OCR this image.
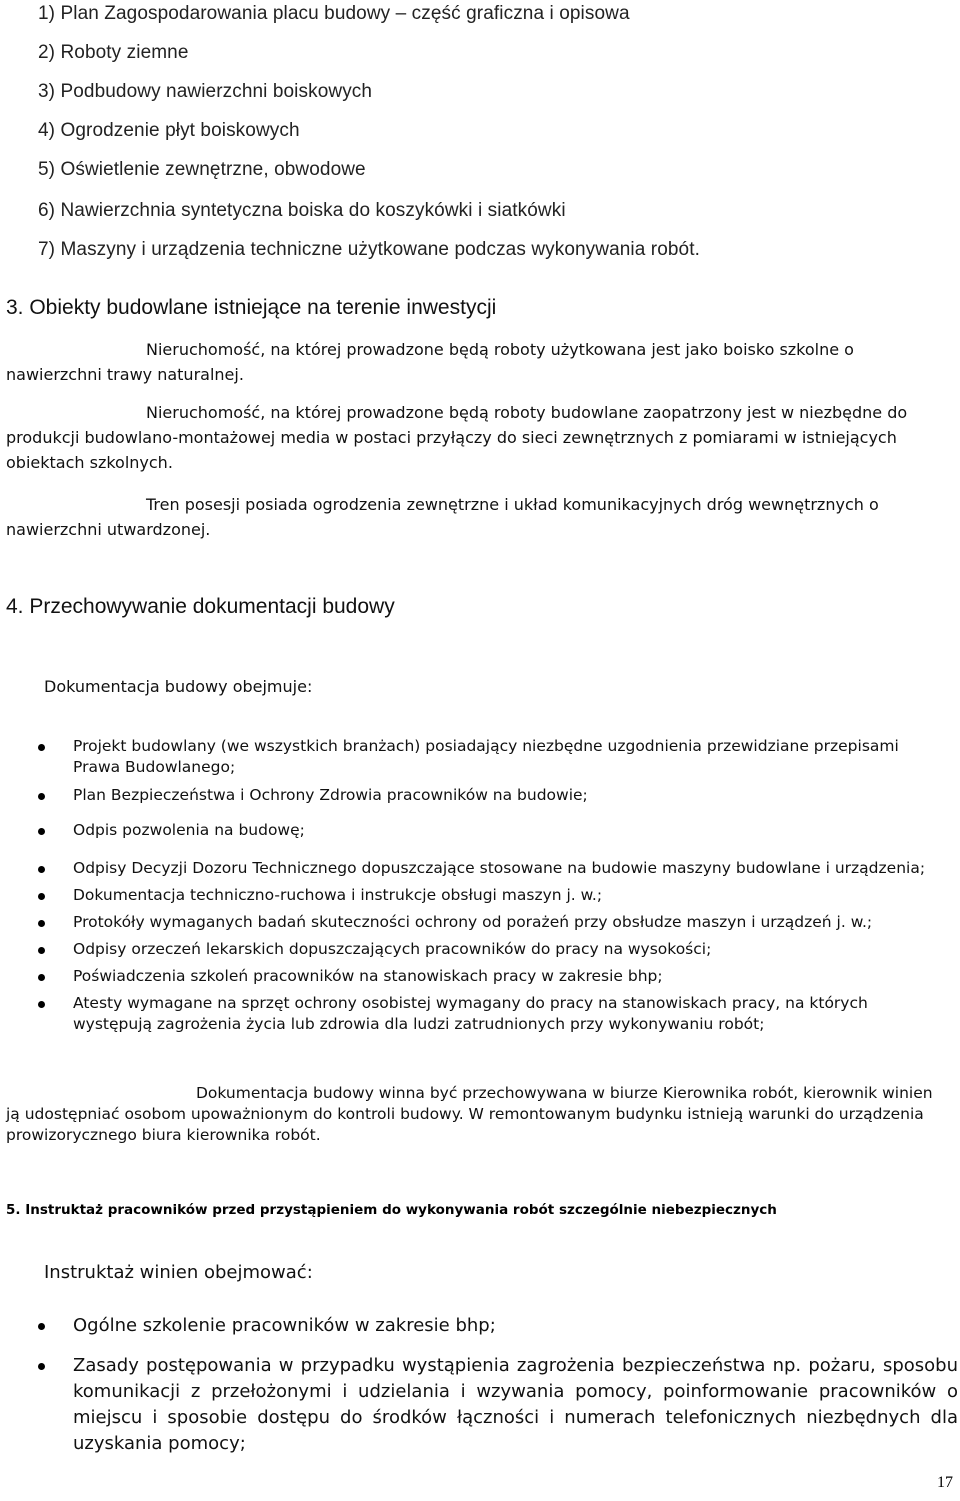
1) Plan Zagospodarowania placu budowy – część graficzna i opisowa
2) Roboty ziemne
3) Podbudowy nawierzchni boiskowych
4) Ogrodzenie płyt boiskowych
5) Oświetlenie zewnętrzne, obwodowe
6) Nawierzchnia syntetyczna boiska do koszykówki i siatkówki
7) Maszyny i urządzenia techniczne użytkowane podczas wykonywania robót.
3. Obiekty budowlane istniejące na terenie inwestycji
Nieruchomość, na której prowadzone będą roboty użytkowana jest jako boisko szkolne o nawierzchni trawy naturalnej.
Nieruchomość, na której prowadzone będą roboty budowlane zaopatrzony jest w niezbędne do produkcji budowlano-montażowej media w postaci przyłączy do sieci zewnętrznych z pomiarami w istniejących obiektach szkolnych.
Tren posesji posiada ogrodzenia zewnętrzne i układ komunikacyjnych dróg wewnętrznych o nawierzchni utwardzonej.
4. Przechowywanie dokumentacji budowy
Dokumentacja budowy obejmuje:
Projekt budowlany (we wszystkich branżach) posiadający niezbędne uzgodnienia przewidziane przepisami Prawa Budowlanego;
Plan Bezpieczeństwa i Ochrony Zdrowia pracowników na budowie;
Odpis pozwolenia na budowę;
Odpisy Decyzji Dozoru Technicznego dopuszczające stosowane na budowie maszyny budowlane i urządzenia;
Dokumentacja techniczno-ruchowa i instrukcje obsługi maszyn j. w.;
Protokóły wymaganych badań skuteczności ochrony od porażeń przy obsłudze maszyn i urządzeń j. w.;
Odpisy orzeczeń lekarskich dopuszczających pracowników do pracy na wysokości;
Poświadczenia szkoleń pracowników na stanowiskach pracy w zakresie bhp;
Atesty wymagane na sprzęt ochrony osobistej wymagany do pracy na stanowiskach pracy, na których występują zagrożenia życia lub zdrowia dla ludzi zatrudnionych przy wykonywaniu robót;
Dokumentacja budowy winna być przechowywana w biurze Kierownika robót, kierownik winien ją udostępniać osobom upoważnionym do kontroli budowy. W remontowanym budynku istnieją warunki do urządzenia prowizorycznego biura kierownika robót.
5. Instruktaż pracowników przed przystąpieniem do wykonywania robót szczególnie niebezpiecznych
Instruktaż winien obejmować:
Ogólne szkolenie pracowników w zakresie bhp;
Zasady postępowania w przypadku wystąpienia zagrożenia bezpieczeństwa np. pożaru, sposobu komunikacji z przełożonymi i udzielania i wzywania pomocy, poinformowanie pracowników o miejscu i sposobie dostępu do środków łączności i numerach telefonicznych niezbędnych dla uzyskania pomocy;
17
